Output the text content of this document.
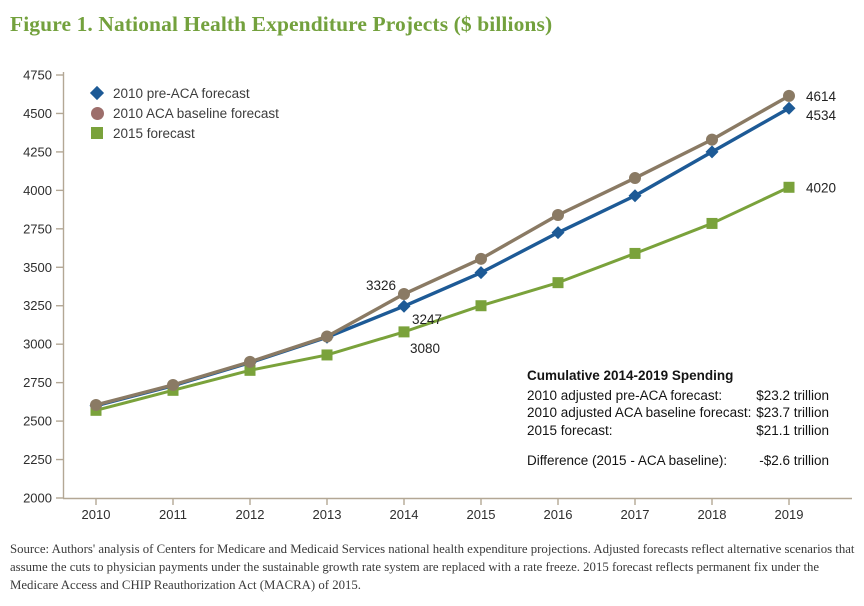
Figure 1. National Health Expenditure Projects ($ billions)
4750
4500
4250
4000
2750
3500
3250
3000
2750
2500
2250
2000
2010	2011	2012	2013	2014	2015	2016	2017	2018	2019
3326
3247
3080
4614
4534
4020
2010 pre-ACA forecast
2010 ACA baseline forecast
2015 forecast
Cumulative 2014-2019 Spending
2010 adjusted pre-ACA forecast:	$23.2 trillion
2010 adjusted ACA baseline forecast: $23.7 trillion
2015 forecast:	$21.1 trillion
Difference (2015 - ACA baseline): -$2.6 trillion

Source: Authors' analysis of Centers for Medicare and Medicaid Services national health expenditure projections. Adjusted forecasts reflect alternative scenarios that assume the cuts to physician payments under the sustainable growth rate system are replaced with a rate freeze. 2015 forecast reflects permanent fix under the Medicare Access and CHIP Reauthorization Act (MACRA) of 2015.
